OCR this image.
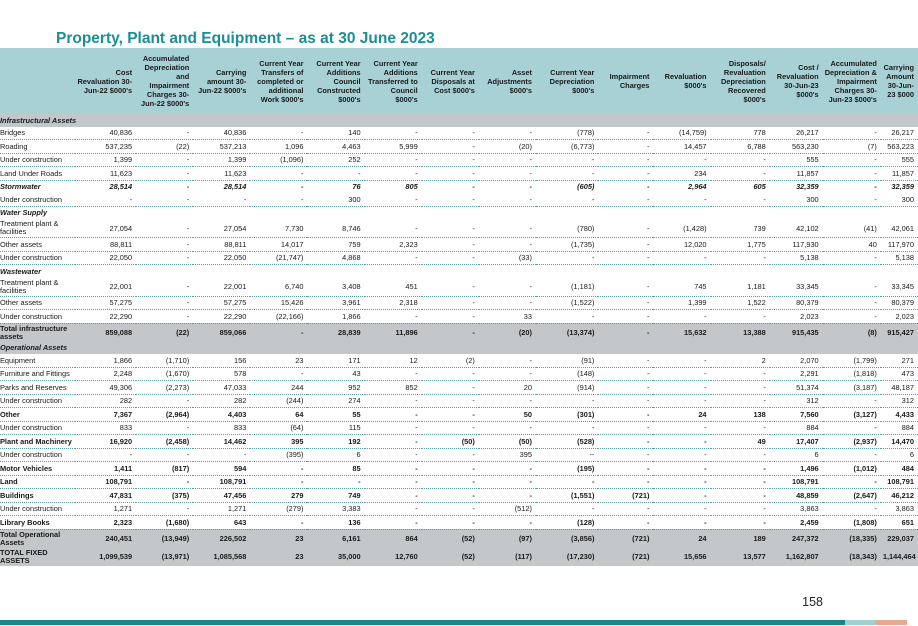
Property, Plant and Equipment – as at 30 June 2023
	Cost Revaluation 30-Jun-22 $000's	Accumulated Depreciation and Impairment Charges 30-Jun-22 $000's	Carrying amount 30-Jun-22 $000's	Current Year Transfers of completed or additional Work $000's	Current Year Additions Council Constructed $000's	Current Year Additions Transferred to Council $000's	Current Year Disposals at Cost $000's	Asset Adjustments $000's	Current Year Depreciation $000's	Impairment Charges	Revaluation $000's	Disposals/ Revaluation Depreciation Recovered $000's	Cost / Revaluation 30-Jun-23 $000's	Accumulated Depreciation & Impairment Charges 30-Jun-23 $000's	Carrying Amount 30-Jun-23 $000
Infrastructural Assets															
Bridges	40,836	-	40,836	-	140	-	-	-	(778)	-	(14,759)	778	26,217	-	26,217
Roading	537,235	(22)	537,213	1,096	4,463	5,999	-	(20)	(6,773)	-	14,457	6,788	563,230	(7)	563,223
Under construction	1,399	-	1,399	(1,096)	252	-	-	-	-	-	-	-	555	-	555
Land Under Roads	11,623	-	11,623	-	-	-	-	-	-	-	234	-	11,857	-	11,857
Stormwater	28,514	-	28,514	-	76	805	-	-	(605)	-	2,964	605	32,359	-	32,359
Under construction	-	-	-	-	300	-	-	-	-	-	-	-	300	-	300
Water Supply															
Treatment plant & facilities	27,054	-	27,054	7,730	8,746	-	-	-	(780)	-	(1,428)	739	42,102	(41)	42,061
Other assets	88,811	-	88,811	14,017	759	2,323	-	-	(1,735)	-	12,020	1,775	117,930	40	117,970
Under construction	22,050	-	22,050	(21,747)	4,868	-	-	(33)	-	-	-	-	5,138	-	5,138
Wastewater															
Treatment plant & facilities	22,001	-	22,001	6,740	3,408	451	-	-	(1,181)	-	745	1,181	33,345	-	33,345
Other assets	57,275	-	57,275	15,426	3,961	2,318	-	-	(1,522)	-	1,399	1,522	80,379	-	80,379
Under construction	22,290	-	22,290	(22,166)	1,866	-	-	33	-	-	-	-	2,023	-	2,023
Total infrastructure assets	859,088	(22)	859,066	-	28,839	11,896	-	(20)	(13,374)	-	15,632	13,388	915,435	(8)	915,427
Operational Assets															
Equipment	1,866	(1,710)	156	23	171	12	(2)	-	(91)	-	-	2	2,070	(1,799)	271
Furniture and Fittings	2,248	(1,670)	578	-	43	-	-	-	(148)	-	-	-	2,291	(1,818)	473
Parks and Reserves	49,306	(2,273)	47,033	244	952	852	-	20	(914)	-	-	-	51,374	(3,187)	48,187
Under construction	282	-	282	(244)	274	-	-	-	-	-	-	-	312	-	312
Other	7,367	(2,964)	4,403	64	55	-	-	50	(301)	-	24	138	7,560	(3,127)	4,433
Under construction	833	-	833	(64)	115	-	-	-	-	-	-	-	884	-	884
Plant and Machinery	16,920	(2,458)	14,462	395	192	-	(50)	(50)	(528)	-	-	49	17,407	(2,937)	14,470
Under construction	-	-	-	(395)	6	-	-	395	--	-	-	-	6	-	6
Motor Vehicles	1,411	(817)	594	-	85	-	-	-	(195)	-	-	-	1,496	(1,012)	484
Land	108,791	-	108,791	-	-	-	-	-	-	-	-	-	108,791	-	108,791
Buildings	47,831	(375)	47,456	279	749	-	-	-	(1,551)	(721)	-	-	48,859	(2,647)	46,212
Under construction	1,271	-	1,271	(279)	3,383	-	-	(512)	-	-	-	-	3,863	-	3,863
Library Books	2,323	(1,680)	643	-	136	-	-	-	(128)	-	-	-	2,459	(1,808)	651
Total Operational Assets	240,451	(13,949)	226,502	23	6,161	864	(52)	(97)	(3,856)	(721)	24	189	247,372	(18,335)	229,037
TOTAL FIXED ASSETS	1,099,539	(13,971)	1,085,568	23	35,000	12,760	(52)	(117)	(17,230)	(721)	15,656	13,577	1,162,807	(18,343)	1,144,464
158
